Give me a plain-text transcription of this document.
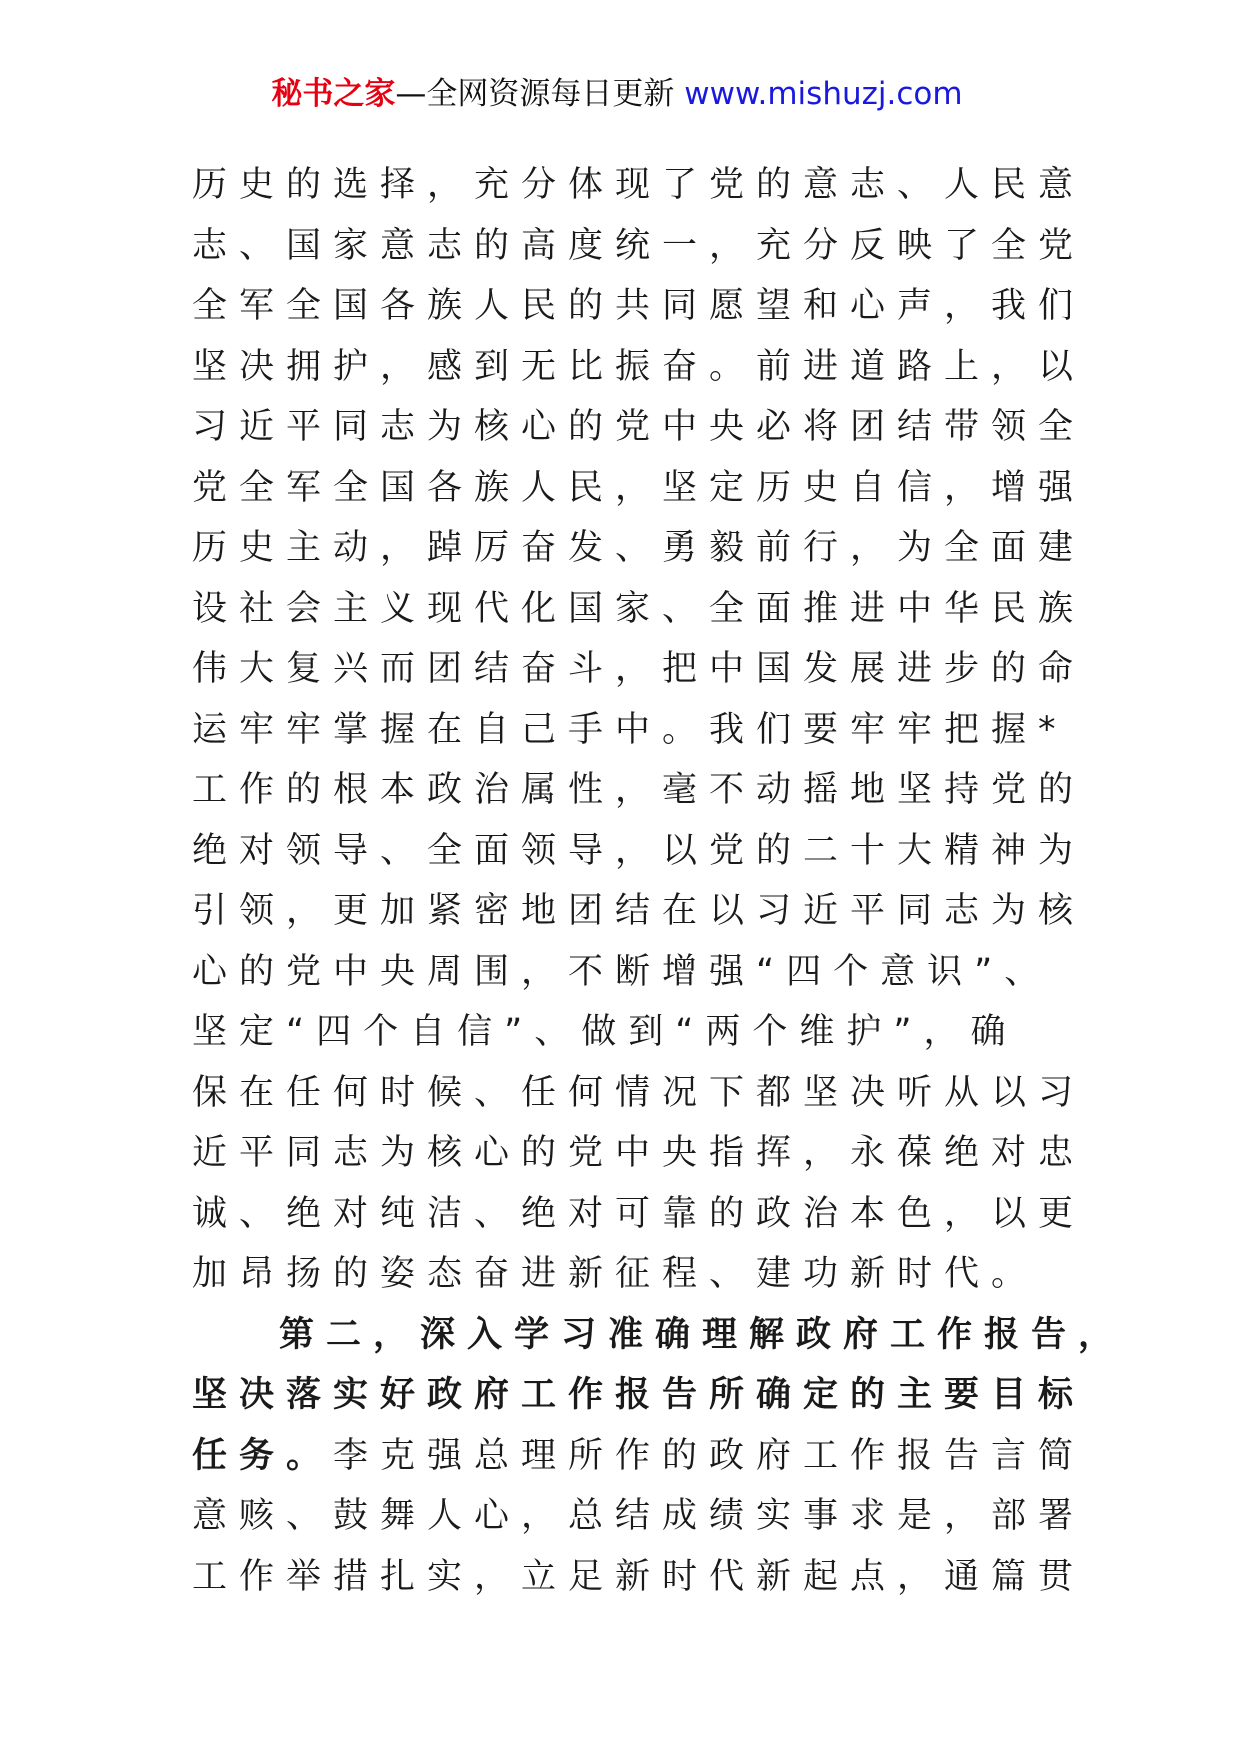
秘书之家—全网资源每日更新 www.mishuzj.com
历史的选择，充分体现了党的意志、人民意
志、国家意志的高度统一，充分反映了全党
全军全国各族人民的共同愿望和心声，我们
坚决拥护，感到无比振奋。前进道路上，以
习近平同志为核心的党中央必将团结带领全
党全军全国各族人民，坚定历史自信，增强
历史主动，踔厉奋发、勇毅前行，为全面建
设社会主义现代化国家、全面推进中华民族
伟大复兴而团结奋斗，把中国发展进步的命
运牢牢掌握在自己手中。我们要牢牢把握*
工作的根本政治属性，毫不动摇地坚持党的
绝对领导、全面领导，以党的二十大精神为
引领，更加紧密地团结在以习近平同志为核
心的党中央周围，不断增强“四个意识”、
坚定“四个自信”、做到“两个维护”，确
保在任何时候、任何情况下都坚决听从以习
近平同志为核心的党中央指挥，永葆绝对忠
诚、绝对纯洁、绝对可靠的政治本色，以更
加昂扬的姿态奋进新征程、建功新时代。
第二，深入学习准确理解政府工作报告，
坚决落实好政府工作报告所确定的主要目标
任务。李克强总理所作的政府工作报告言简
意赅、鼓舞人心，总结成绩实事求是，部署
工作举措扎实，立足新时代新起点，通篇贯
